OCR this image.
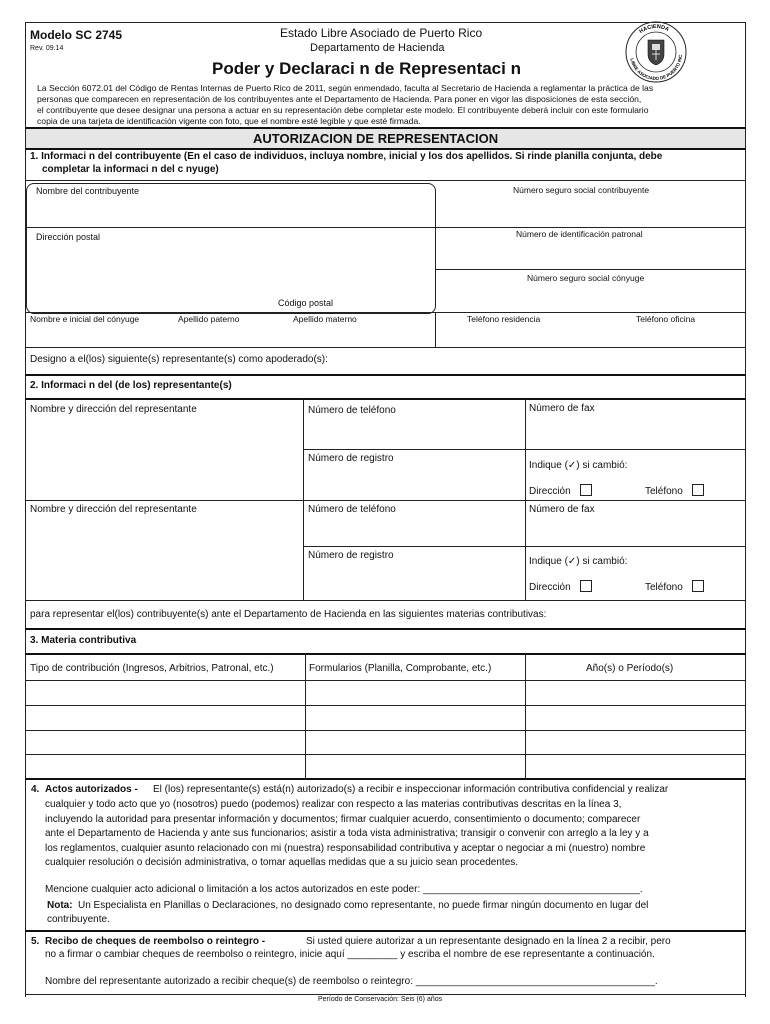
Modelo SC 2745
Rev. 09.14
Estado Libre Asociado de Puerto Rico
Departamento de Hacienda
Poder y Declaraci n de Representaci n
HACIENDA
LIBRE ASOCIADO DE PUERTO RIC
La Sección 6072.01 del Código de Rentas Internas de Puerto Rico de 2011, según enmendado, faculta al Secretario de Hacienda a reglamentar la práctica de las
personas que comparecen en representación de los contribuyentes ante el Departamento de Hacienda. Para poner en vigor las disposiciones de esta sección,
el contribuyente que desee designar una persona a actuar en su representación debe completar este modelo. El contribuyente deberá incluir con este formulario
copia de una tarjeta de identificación vigente con foto, que el nombre esté legible y que esté firmada.
AUTORIZACION DE REPRESENTACION
1. Informaci n del contribuyente (En el caso de individuos, incluya nombre, inicial y los dos apellidos. Si rinde planilla conjunta, debe
completar la informaci n del c nyuge)
Nombre del contribuyente
Dirección postal
Código postal
Número seguro social contribuyente
Número de identificación patronal
Número seguro social cónyuge
Nombre e inicial del cónyuge	Apellido paterno	Apellido materno	Teléfono residencia	Teléfono oficina
Designo a el(los) siguiente(s) representante(s) como apoderado(s):
2. Informaci n del (de los) representante(s)
Nombre y dirección del representante	Número de teléfono	Número de fax
Número de registro
Indique (✓) si cambió:
Dirección	Teléfono
Nombre y dirección del representante	Número de teléfono	Número de fax
Número de registro
Indique (✓) si cambió:
Dirección	Teléfono
para representar el(los) contribuyente(s) ante el Departamento de Hacienda en las siguientes materias contributivas:
3. Materia contributiva
Tipo de contribución (Ingresos, Arbitrios, Patronal, etc.)	Formularios (Planilla, Comprobante, etc.)	Año(s) o Período(s)
4. Actos autorizados - El (los) representante(s) está(n) autorizado(s) a recibir e inspeccionar información contributiva confidencial y realizar
cualquier y todo acto que yo (nosotros) puedo (podemos) realizar con respecto a las materias contributivas descritas en la línea 3,
incluyendo la autoridad para presentar información y documentos; firmar cualquier acuerdo, consentimiento o documento; comparecer
ante el Departamento de Hacienda y ante sus funcionarios; asistir a toda vista administrativa; transigir o convenir con arreglo a la ley y a
los reglamentos, cualquier asunto relacionado con mi (nuestra) responsabilidad contributiva y aceptar o negociar a mi (nuestro) nombre
cualquier resolución o decisión administrativa, o tomar aquellas medidas que a su juicio sean procedentes.
Mencione cualquier acto adicional o limitación a los actos autorizados en este poder: _______________________________________.
Nota: Un Especialista en Planillas o Declaraciones, no designado como representante, no puede firmar ningún documento en lugar del
contribuyente.
5. Recibo de cheques de reembolso o reintegro -	Si usted quiere autorizar a un representante designado en la línea 2 a recibir, pero
no a firmar o cambiar cheques de reembolso o reintegro, inicie aquí _________ y escriba el nombre de ese representante a continuación.
Nombre del representante autorizado a recibir cheque(s) de reembolso o reintegro: ___________________________________________.
Período de Conservación: Seis (6) años
